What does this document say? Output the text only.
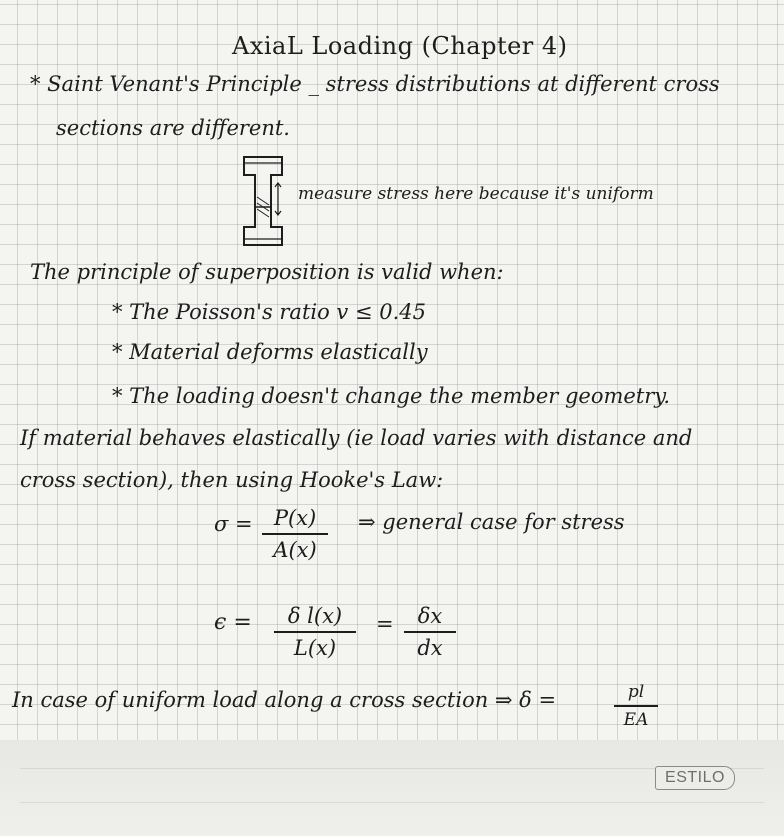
AxiaL Loading (Chapter 4)
* Saint Venant's Principle _ stress distributions at different cross
sections are different.
measure stress here because it's uniform
The principle of superposition is valid when:
* The Poisson's ratio v ≤ 0.45
* Material deforms elastically
* The loading doesn't change the member geometry.
If material behaves elastically (ie load varies with distance and
cross section), then using Hooke's Law:
σ =	P(x)
A(x)
⇒ general case for stress
ϵ =	δ l(x)
L(x)
=	δx
dx
In case of uniform load along a cross section ⇒ δ =	pl
EA
ESTILO
